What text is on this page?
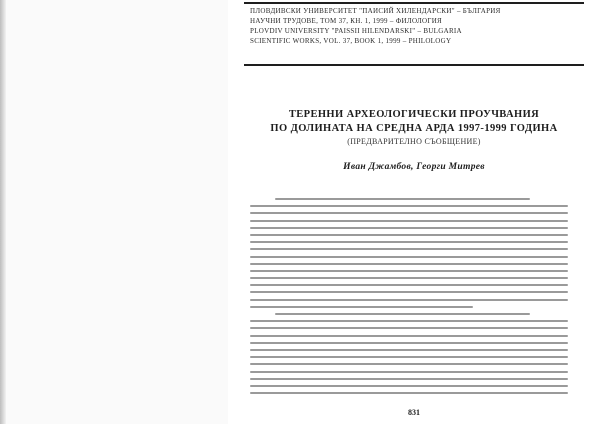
ПЛОВДИВСКИ УНИВЕРСИТЕТ "ПАИСИЙ ХИЛЕНДАРСКИ" – БЪЛГАРИЯ
НАУЧНИ ТРУДОВЕ, ТОМ 37, КН. 1, 1999 – ФИЛОЛОГИЯ
PLOVDIV UNIVERSITY "PAISSII HILENDARSKI" – BULGARIA
SCIENTIFIC WORKS, VOL. 37, BOOK 1, 1999 – PHILOLOGY
ТЕРЕННИ АРХЕОЛОГИЧЕСКИ ПРОУЧВАНИЯ
ПО ДОЛИНАТА НА СРЕДНА АРДА 1997-1999 ГОДИНА
(ПРЕДВАРИТЕЛНО СЪОБЩЕНИЕ)
Иван Джамбов, Георги Митрев
831
